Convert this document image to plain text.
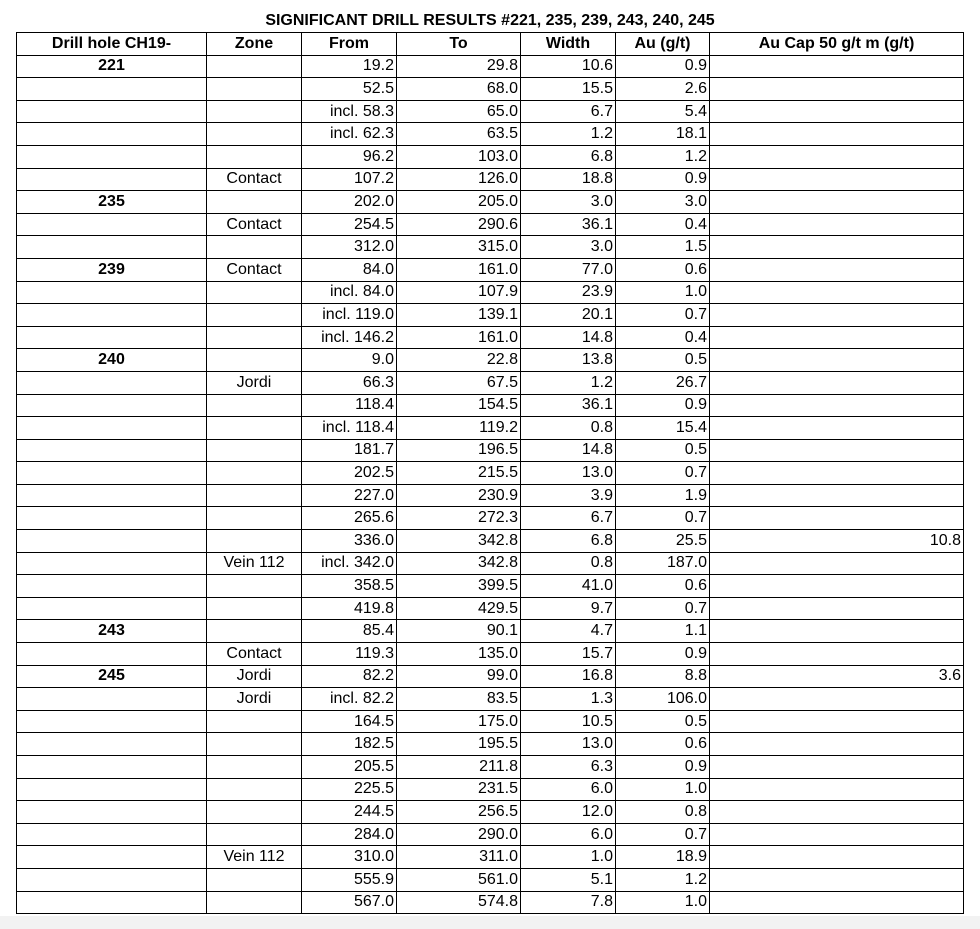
SIGNIFICANT DRILL RESULTS #221, 235, 239, 243, 240, 245
Drill hole CH19-	Zone	From	To	Width	Au (g/t)	Au Cap 50 g/t m (g/t)
221		19.2	29.8	10.6	0.9	
		52.5	68.0	15.5	2.6	
		incl. 58.3	65.0	6.7	5.4	
		incl. 62.3	63.5	1.2	18.1	
		96.2	103.0	6.8	1.2	
	Contact	107.2	126.0	18.8	0.9	
235		202.0	205.0	3.0	3.0	
	Contact	254.5	290.6	36.1	0.4	
		312.0	315.0	3.0	1.5	
239	Contact	84.0	161.0	77.0	0.6	
		incl. 84.0	107.9	23.9	1.0	
		incl. 119.0	139.1	20.1	0.7	
		incl. 146.2	161.0	14.8	0.4	
240		9.0	22.8	13.8	0.5	
	Jordi	66.3	67.5	1.2	26.7	
		118.4	154.5	36.1	0.9	
		incl. 118.4	119.2	0.8	15.4	
		181.7	196.5	14.8	0.5	
		202.5	215.5	13.0	0.7	
		227.0	230.9	3.9	1.9	
		265.6	272.3	6.7	0.7	
		336.0	342.8	6.8	25.5	10.8
	Vein 112	incl. 342.0	342.8	0.8	187.0	
		358.5	399.5	41.0	0.6	
		419.8	429.5	9.7	0.7	
243		85.4	90.1	4.7	1.1	
	Contact	119.3	135.0	15.7	0.9	
245	Jordi	82.2	99.0	16.8	8.8	3.6
	Jordi	incl. 82.2	83.5	1.3	106.0	
		164.5	175.0	10.5	0.5	
		182.5	195.5	13.0	0.6	
		205.5	211.8	6.3	0.9	
		225.5	231.5	6.0	1.0	
		244.5	256.5	12.0	0.8	
		284.0	290.0	6.0	0.7	
	Vein 112	310.0	311.0	1.0	18.9	
		555.9	561.0	5.1	1.2	
		567.0	574.8	7.8	1.0	
